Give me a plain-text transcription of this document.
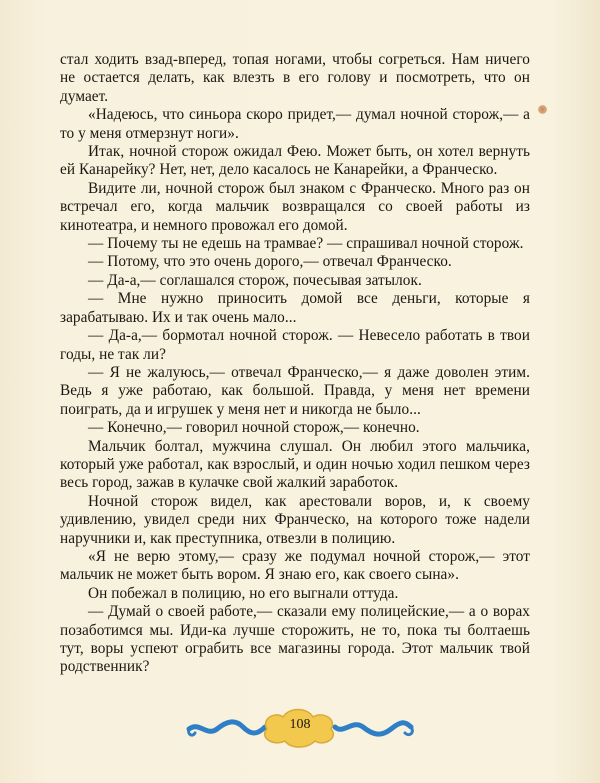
стал ходить взад-вперед, топая ногами, чтобы согреться. Нам ничего не остается делать, как влезть в его голову и посмотреть, что он думает.

«Надеюсь, что синьора скоро придет,— думал ночной сторож,— а то у меня отмерзнут ноги».

Итак, ночной сторож ожидал Фею. Может быть, он хотел вернуть ей Канарейку? Нет, нет, дело касалось не Канарейки, а Франческо.

Видите ли, ночной сторож был знаком с Франческо. Много раз он встречал его, когда мальчик возвращался со своей работы из кинотеатра, и немного провожал его домой.

— Почему ты не едешь на трамвае? — спрашивал ночной сторож.

— Потому, что это очень дорого,— отвечал Франческо.

— Да-а,— соглашался сторож, почесывая затылок.

— Мне нужно приносить домой все деньги, которые я зарабатываю. Их и так очень мало...

— Да-а,— бормотал ночной сторож. — Невесело работать в твои годы, не так ли?

— Я не жалуюсь,— отвечал Франческо,— я даже доволен этим. Ведь я уже работаю, как большой. Правда, у меня нет времени поиграть, да и игрушек у меня нет и никогда не было...

— Конечно,— говорил ночной сторож,— конечно.

Мальчик болтал, мужчина слушал. Он любил этого мальчика, который уже работал, как взрослый, и один ночью ходил пешком через весь город, зажав в кулачке свой жалкий заработок.

Ночной сторож видел, как арестовали воров, и, к своему удивлению, увидел среди них Франческо, на которого тоже надели наручники и, как преступника, отвезли в полицию.

«Я не верю этому,— сразу же подумал ночной сторож,— этот мальчик не может быть вором. Я знаю его, как своего сына».

Он побежал в полицию, но его выгнали оттуда.

— Думай о своей работе,— сказали ему полицейские,— а о ворах позаботимся мы. Иди-ка лучше сторожить, не то, пока ты болтаешь тут, воры успеют ограбить все магазины города. Этот мальчик твой родственник?

108
